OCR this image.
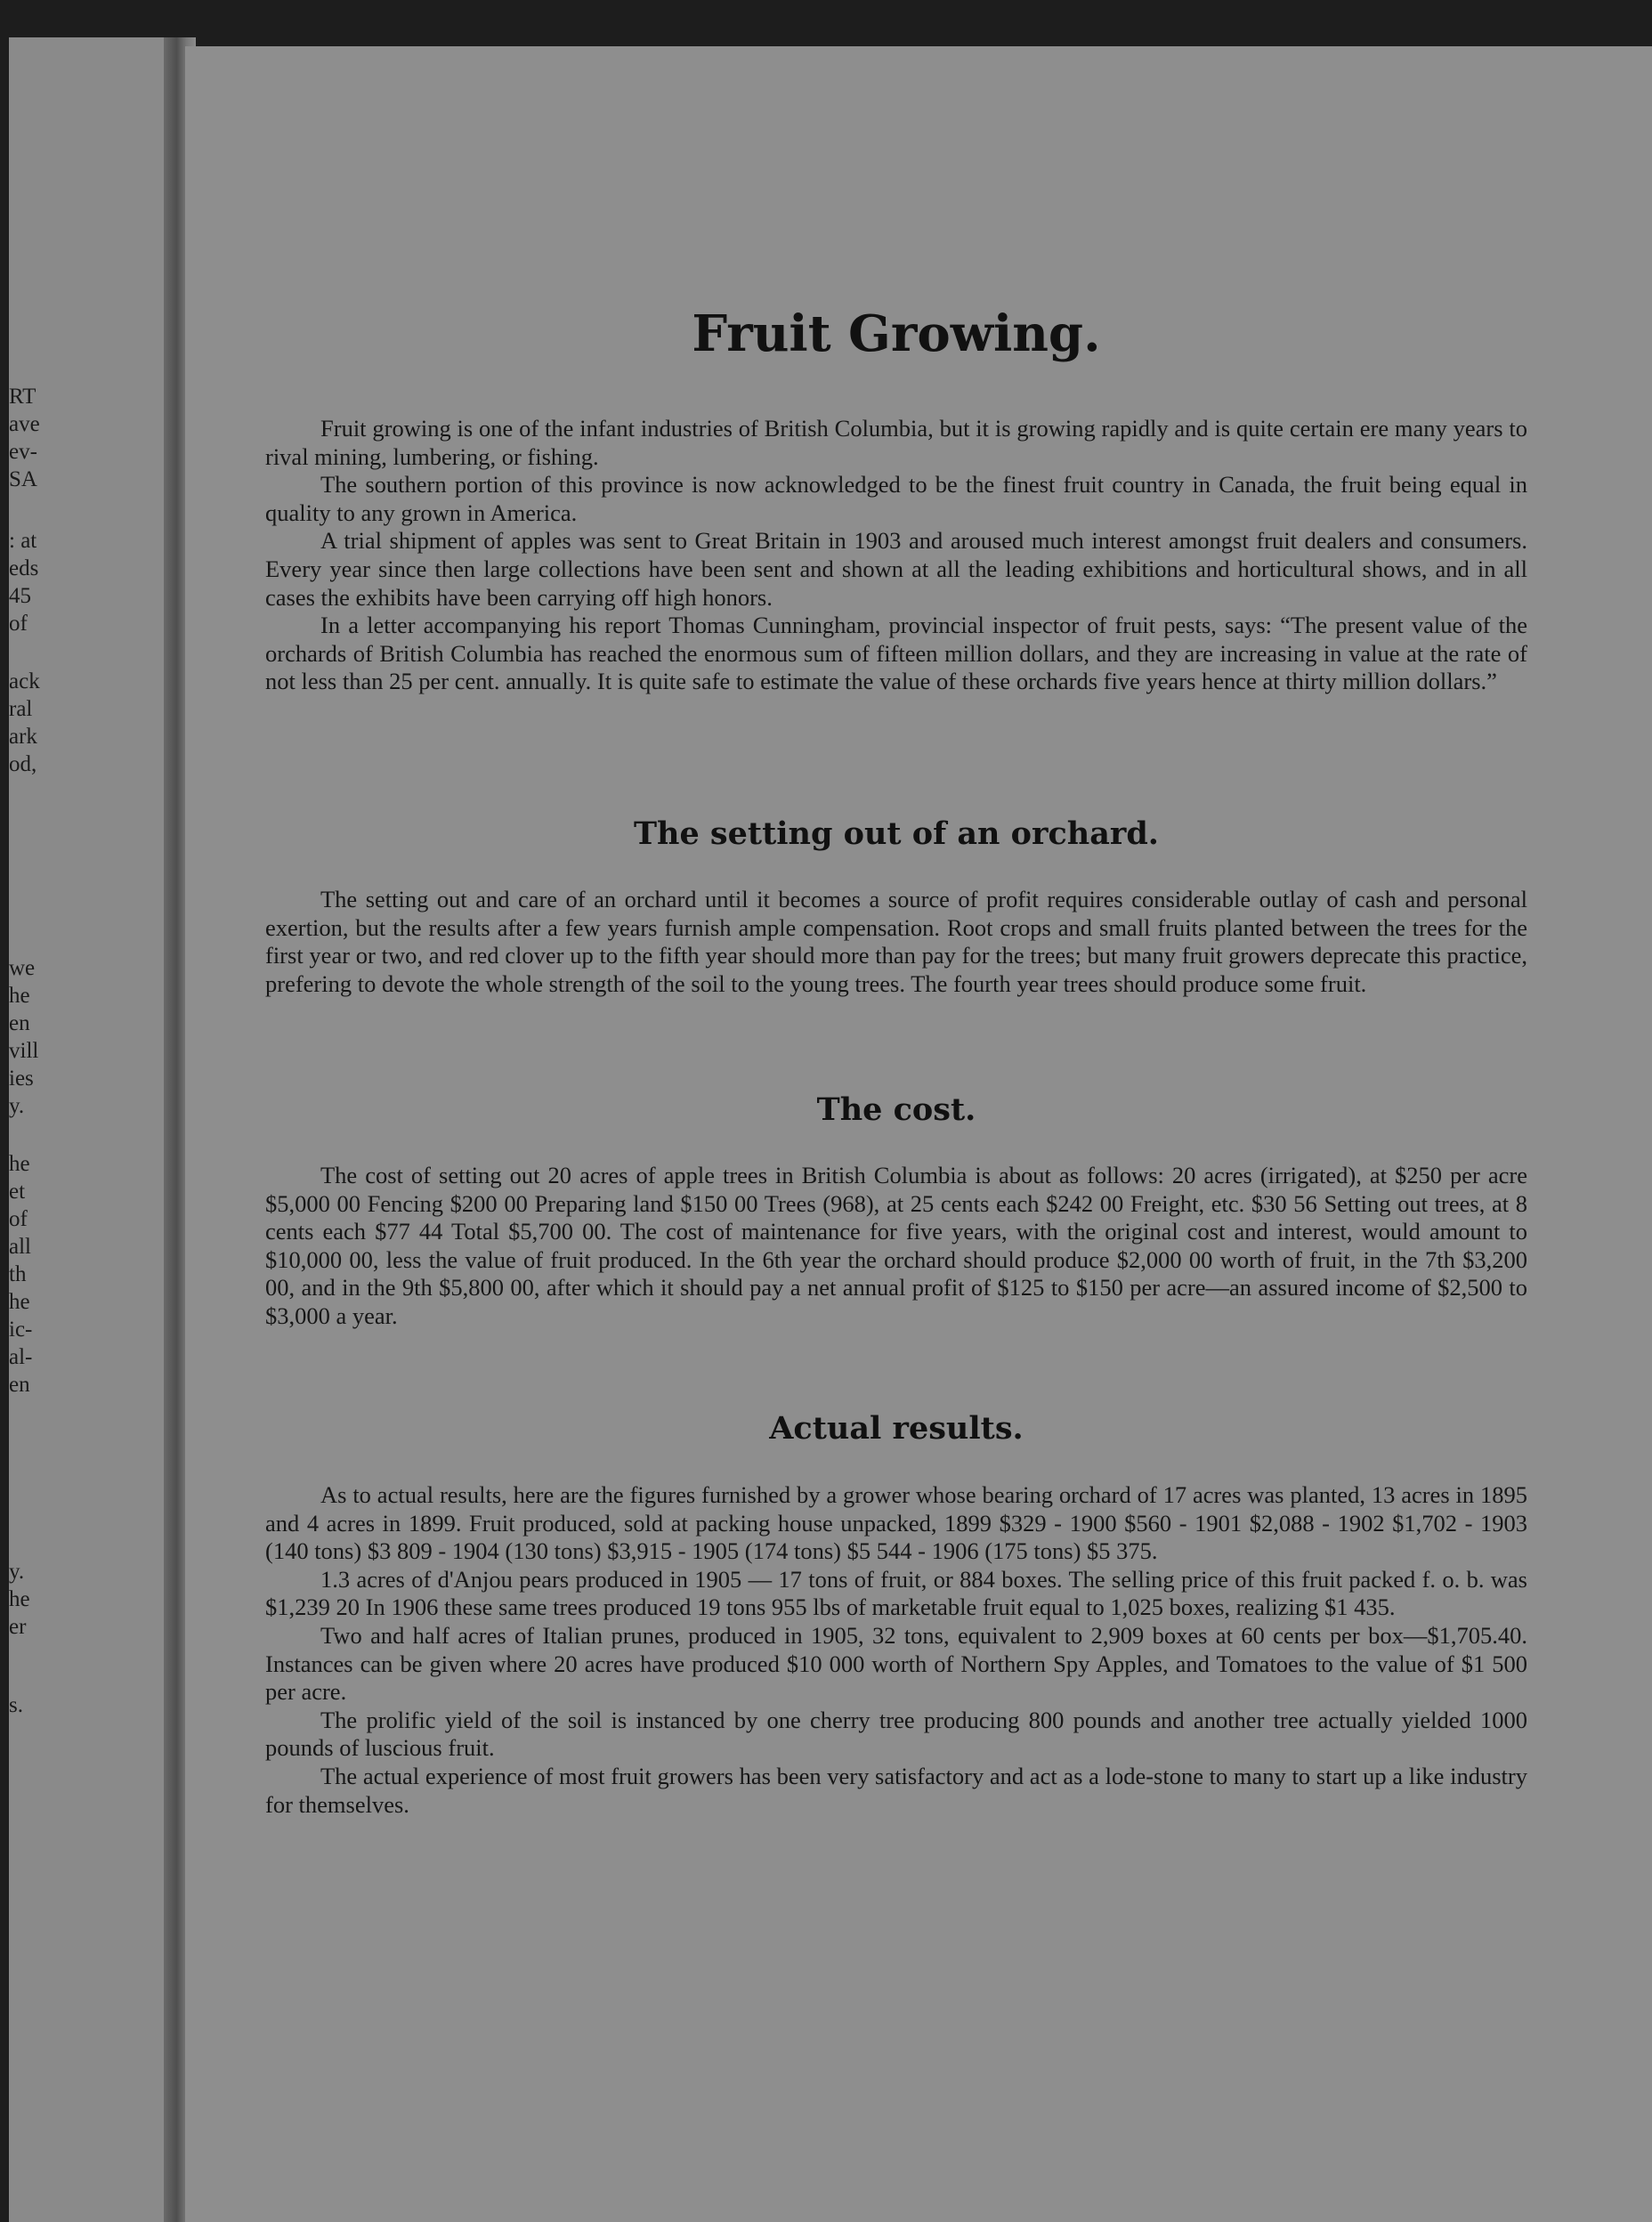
RT
ave
ev-
SA
: at
eds
45
of
ack
ral
ark
od,
we
he
en
vill
ies
y.
he
et
of
all
th
he
ic-
al-
en
y.
he
er
s.
Fruit Growing.

Fruit growing is one of the infant industries of British Columbia, but it is growing rapidly and is quite certain ere many years to rival mining, lumbering, or fishing.

The southern portion of this province is now acknowledged to be the finest fruit country in Canada, the fruit being equal in quality to any grown in America.

A trial shipment of apples was sent to Great Britain in 1903 and aroused much interest amongst fruit dealers and consumers. Every year since then large collections have been sent and shown at all the leading exhibitions and horticultural shows, and in all cases the exhibits have been carrying off high honors.

In a letter accompanying his report Thomas Cunningham, provincial inspector of fruit pests, says: “The present value of the orchards of British Columbia has reached the enormous sum of fifteen million dollars, and they are increasing in value at the rate of not less than 25 per cent. annually. It is quite safe to estimate the value of these orchards five years hence at thirty million dollars.”

The setting out of an orchard.

The setting out and care of an orchard until it becomes a source of profit requires considerable outlay of cash and personal exertion, but the results after a few years furnish ample compensation. Root crops and small fruits planted between the trees for the first year or two, and red clover up to the fifth year should more than pay for the trees; but many fruit growers deprecate this practice, prefering to devote the whole strength of the soil to the young trees. The fourth year trees should produce some fruit.

The cost.

The cost of setting out 20 acres of apple trees in British Columbia is about as follows: 20 acres (irrigated), at $250 per acre $5,000 00 Fencing $200 00 Preparing land $150 00 Trees (968), at 25 cents each $242 00 Freight, etc. $30 56 Setting out trees, at 8 cents each $77 44 Total $5,700 00. The cost of maintenance for five years, with the original cost and interest, would amount to $10,000 00, less the value of fruit produced. In the 6th year the orchard should produce $2,000 00 worth of fruit, in the 7th $3,200 00, and in the 9th $5,800 00, after which it should pay a net annual profit of $125 to $150 per acre—an assured income of $2,500 to $3,000 a year.

Actual results.

As to actual results, here are the figures furnished by a grower whose bearing orchard of 17 acres was planted, 13 acres in 1895 and 4 acres in 1899. Fruit produced, sold at packing house unpacked, 1899 $329 - 1900 $560 - 1901 $2,088 - 1902 $1,702 - 1903 (140 tons) $3 809 - 1904 (130 tons) $3,915 - 1905 (174 tons) $5 544 - 1906 (175 tons) $5 375.

1.3 acres of d'Anjou pears produced in 1905 — 17 tons of fruit, or 884 boxes. The selling price of this fruit packed f. o. b. was $1,239 20 In 1906 these same trees produced 19 tons 955 lbs of marketable fruit equal to 1,025 boxes, realizing $1 435.

Two and half acres of Italian prunes, produced in 1905, 32 tons, equivalent to 2,909 boxes at 60 cents per box—$1,705.40. Instances can be given where 20 acres have produced $10 000 worth of Northern Spy Apples, and Tomatoes to the value of $1 500 per acre.

The prolific yield of the soil is instanced by one cherry tree producing 800 pounds and another tree actually yielded 1000 pounds of luscious fruit.

The actual experience of most fruit growers has been very satisfactory and act as a lode-stone to many to start up a like industry for themselves.
